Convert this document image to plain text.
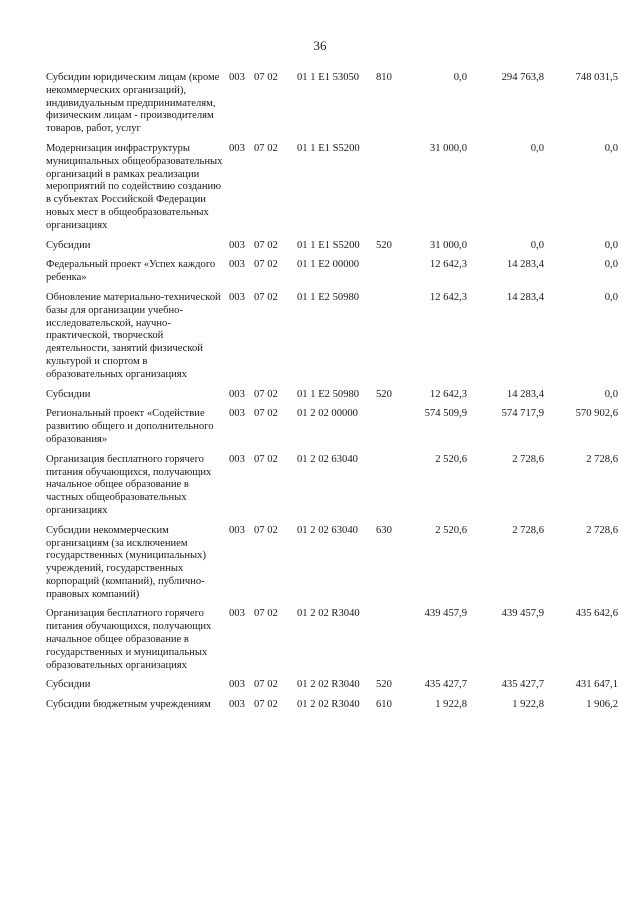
36
Субсидии юридическим лицам (кроме некоммерческих организаций), индивидуальным предпринимателям, физическим лицам - производителям товаров, работ, услуг
003 07 02 01 1 E1 53050 810	0,0	294 763,8	748 031,5
Модернизация инфраструктуры муниципальных общеобразовательных организаций в рамках реализации мероприятий по содействию созданию в субъектах Российской Федерации новых мест в общеобразовательных организациях
003 07 02 01 1 E1 S5200	31 000,0	0,0	0,0
Субсидии	003 07 02 01 1 E1 S5200 520	31 000,0	0,0	0,0
Федеральный проект «Успех каждого ребенка»
003 07 02 01 1 E2 00000	12 642,3	14 283,4	0,0
Обновление материально-технической базы для организации учебно-исследовательской, научно-практической, творческой деятельности, занятий физической культурой и спортом в образовательных организациях
003 07 02 01 1 E2 50980	12 642,3	14 283,4	0,0
Субсидии	003 07 02 01 1 E2 50980 520	12 642,3	14 283,4	0,0
Региональный проект «Содействие развитию общего и дополнительного образования»
003 07 02 01 2 02 00000	574 509,9	574 717,9	570 902,6
Организация бесплатного горячего питания обучающихся, получающих начальное общее образование в частных общеобразовательных организациях
003 07 02 01 2 02 63040	2 520,6	2 728,6	2 728,6
Субсидии некоммерческим организациям (за исключением государственных (муниципальных) учреждений, государственных корпораций (компаний), публично-правовых компаний)
003 07 02 01 2 02 63040 630	2 520,6	2 728,6	2 728,6
Организация бесплатного горячего питания обучающихся, получающих начальное общее образование в государственных и муниципальных образовательных организациях
003 07 02 01 2 02 R3040	439 457,9	439 457,9	435 642,6
Субсидии	003 07 02 01 2 02 R3040 520	435 427,7	435 427,7	431 647,1
Субсидии бюджетным учреждениям	003 07 02 01 2 02 R3040 610	1 922,8	1 922,8	1 906,2
